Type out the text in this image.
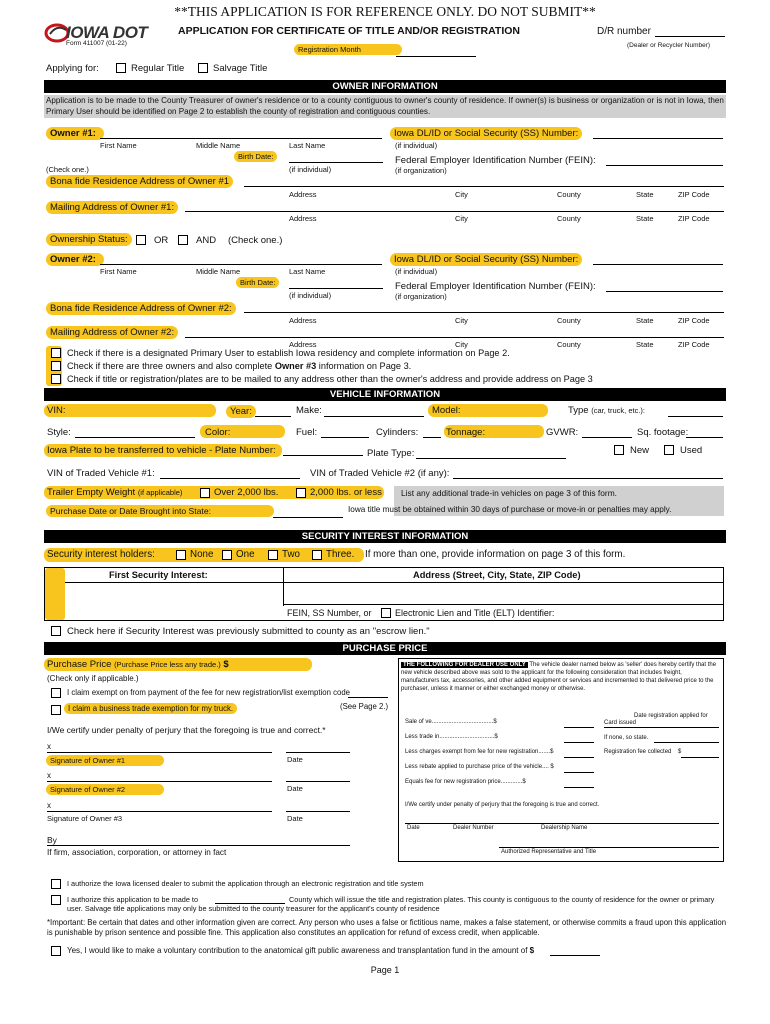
**THIS APPLICATION IS FOR REFERENCE ONLY. DO NOT SUBMIT**
IOWA DOT
Form 411007 (01-22)
APPLICATION FOR CERTIFICATE OF TITLE AND/OR REGISTRATION	D/R number
(Dealer or Recycler Number)
Registration Month
Applying for:	Regular Title	Salvage Title
OWNER INFORMATION
Application is to be made to the County Treasurer of owner's residence or to a county contiguous to owner's county of residence. If owner(s) is business or organization or is not in Iowa, then Primary User should be identified on Page 2 to establish the county of registration and contiguous counties.
Owner #1:
First Name	Middle Name	Last Name
Birth Date:
(if individual)
(Check one.)
Iowa DL/ID or Social Security (SS) Number:
(if individual)
Federal Employer Identification Number (FEIN):
(if organization)
Bona fide Residence Address of Owner #1
Address	City	County	State	ZIP Code
Mailing Address of Owner #1:
Address	City	County	State	ZIP Code
Ownership Status:	OR	AND (Check one.)
Owner #2:
First Name	Middle Name	Last Name
Birth Date:
(if individual)
Iowa DL/ID or Social Security (SS) Number:
(if individual)
Federal Employer Identification Number (FEIN):
(if organization)
Bona fide Residence Address of Owner #2:
Address	City	County	State	ZIP Code
Mailing Address of Owner #2:
Address	City	County	State	ZIP Code
Check if there is a designated Primary User to establish Iowa residency and complete information on Page 2.
Check if there are three owners and also complete Owner #3 information on Page 3.
Check if title or registration/plates are to be mailed to any address other than the owner's address and provide address on Page 3
VEHICLE INFORMATION
VIN:	Year:	Make:	Model:	Type (car, truck, etc.):
Style:	Color:	Fuel:	Cylinders:	Tonnage:	GVWR:	Sq. footage:
Iowa Plate to be transferred to vehicle - Plate Number:	Plate Type:	New	Used
VIN of Traded Vehicle #1:	VIN of Traded Vehicle #2 (if any):
Trailer Empty Weight (if applicable)	Over 2,000 lbs.	2,000 lbs. or less List any additional trade-in vehicles on page 3 of this form.
Purchase Date or Date Brought into State:	Iowa title must be obtained within 30 days of purchase or move-in or penalties may apply.
SECURITY INTEREST INFORMATION
Security interest holders:	None One	Two	Three. If more than one, provide information on page 3 of this form.
First Security Interest:	Address (Street, City, State, ZIP Code)
FEIN, SS Number, or	Electronic Lien and Title (ELT) Identifier:
Check here if Security Interest was previously submitted to county as an "escrow lien."
PURCHASE PRICE
Purchase Price (Purchase Price less any trade.) $
(Check only if applicable.)
I claim exempt on from payment of the fee for new registration/list exemption code
(See Page 2.)
I claim a business trade exemption for my truck.
I/We certify under penalty of perjury that the foregoing is true and correct.*
x
Signature of Owner #1	Date
x
Signature of Owner #2	Date
x
Signature of Owner #3	Date
By
If firm, association, corporation, or attorney in fact
THE FOLLOWING FOR DEALER USE ONLY The vehicle dealer named below as 'seller' does hereby certify that the new vehicle described above was sold to the applicant for the following consideration that includes freight, manufacturers tax, accessories, and other added equipment or services and incremented to that delivered price to the purchaser, unless it manner or either exchanged money or otherwise.
Sale of ve.....................................$
Less trade in.................................$
Less charges exempt from fee for new registration.......$
Less rebate applied to purchase price of the vehicle.... $
Equals fee for new registration price.............$
Date registration applied for
Card issued
If none, so state.
Registration fee collected $
I/We certify under penalty of perjury that the foregoing is true and correct.
Date	Dealer Number	Dealership Name
Authorized Representative and Title
I authorize the Iowa licensed dealer to submit the application through an electronic registration and title system
I authorize this application to be made to	County which will issue the title and registration plates. This county is contiguous to the county of residence for the owner or primary user. Salvage title applications may only be submitted to the county treasurer for the applicant's county of residence
*Important: Be certain that dates and other information given are correct. Any person who uses a false or fictitious name, makes a false statement, or otherwise commits a fraud upon this application is punishable by prison sentence and possible fine. This application also constitutes an application for refund of excess credit, when applicable.
Yes, I would like to make a voluntary contribution to the anatomical gift public awareness and transplantation fund in the amount of $
Page 1
